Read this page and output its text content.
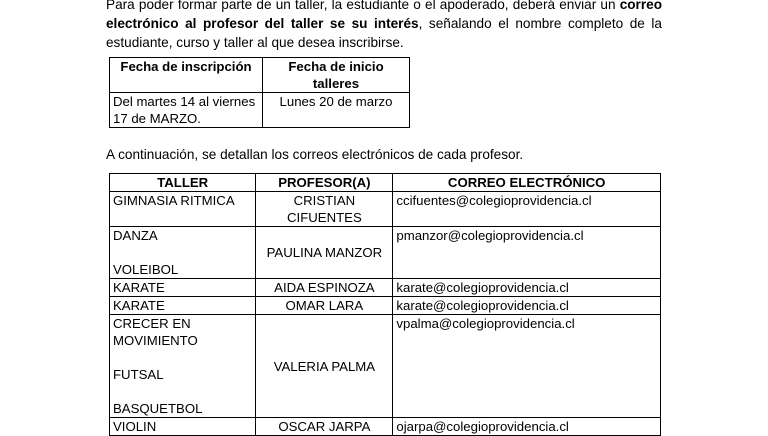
Para poder formar parte de un taller, la estudiante o el apoderado, deberá enviar un correo electrónico al profesor del taller se su interés, señalando el nombre completo de la estudiante, curso y taller al que desea inscribirse.
Fecha de inscripción	Fecha de inicio talleres

Del martes 14 al viernes
17 de MARZO.	Lunes 20 de marzo
A continuación, se detallan los correos electrónicos de cada profesor.
TALLER	PROFESOR(A)	CORREO ELECTRÓNICO

GIMNASIA RITMICA	CRISTIAN CIFUENTES	ccifuentes@colegioprovidencia.cl

DANZA
VOLEIBOL	PAULINA MANZOR	pmanzor@colegioprovidencia.cl

KARATE	AIDA ESPINOZA	karate@colegioprovidencia.cl

KARATE	OMAR LARA	karate@colegioprovidencia.cl

CRECER EN
MOVIMIENTO
FUTSAL
BASQUETBOL	VALERIA PALMA	vpalma@colegioprovidencia.cl

VIOLIN	OSCAR JARPA	ojarpa@colegioprovidencia.cl
